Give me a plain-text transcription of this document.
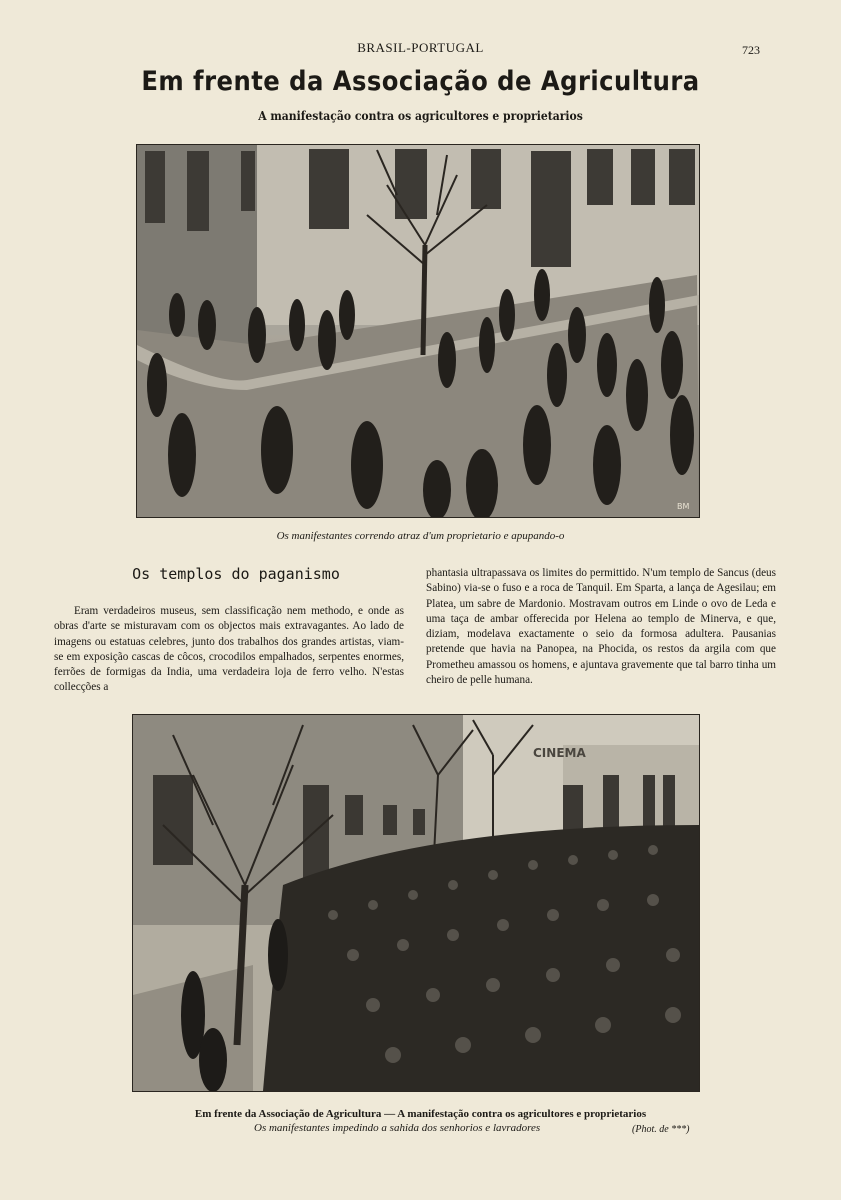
BRASIL-PORTUGAL	723
Em frente da Associação de Agricultura
A manifestação contra os agricultores e proprietarios
BM
Os manifestantes correndo atraz d'um proprietario e apupando-o
Os templos do paganismo
Eram verdadeiros museus, sem classificação nem methodo, e onde as obras d'arte se misturavam com os objectos mais extravagantes. Ao lado de imagens ou estatuas celebres, junto dos trabalhos dos grandes artistas, viam-se em exposição cascas de côcos, crocodilos empalhados, serpentes enormes, ferrões de formigas da India, uma verdadeira loja de ferro velho. N'estas collecções a
phantasia ultrapassava os limites do permittido. N'um templo de Sancus (deus Sabino) via-se o fuso e a roca de Tanquil. Em Sparta, a lança de Agesilau; em Platea, um sabre de Mardonio. Mostravam outros em Linde o ovo de Leda e uma taça de ambar offerecida por Helena ao templo de Minerva, e que, diziam, modelava exactamente o seio da formosa adultera. Pausanias pretende que havia na Panopea, na Phocida, os restos da argila com que Prometheu amassou os homens, e ajuntava gravemente que tal barro tinha um cheiro de pelle humana.
CINEMA
Em frente da Associação de Agricultura — A manifestação contra os agricultores e proprietarios
Os manifestantes impedindo a sahida dos senhorios e lavradores	(Phot. de ***)
